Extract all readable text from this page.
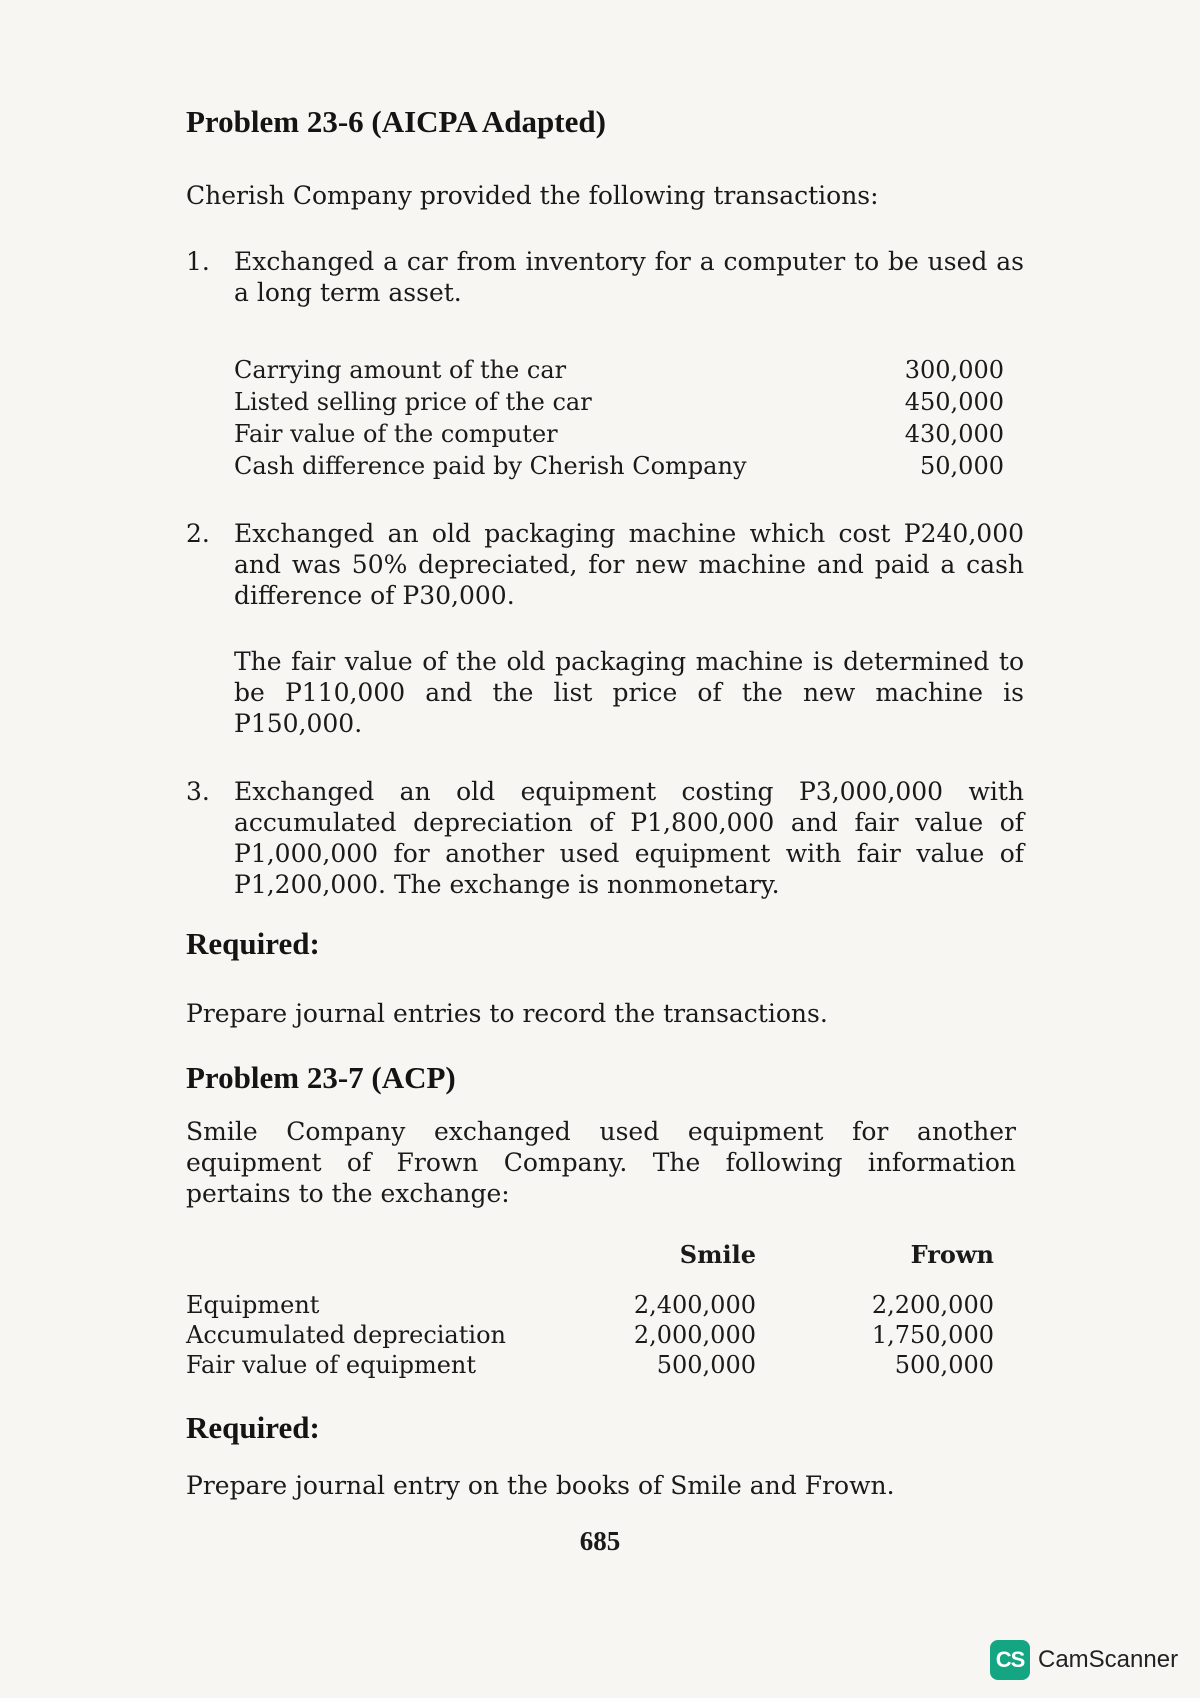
Problem 23-6 (AICPA Adapted)
Cherish Company provided the following transactions:
1. Exchanged a car from inventory for a computer to be used as a long term asset.
Carrying amount of the car	300,000
Listed selling price of the car	450,000
Fair value of the computer	430,000
Cash difference paid by Cherish Company	50,000
2. Exchanged an old packaging machine which cost P240,000 and was 50% depreciated, for new machine and paid a cash difference of P30,000.
The fair value of the old packaging machine is determined to be P110,000 and the list price of the new machine is P150,000.
3. Exchanged an old equipment costing P3,000,000 with accumulated depreciation of P1,800,000 and fair value of P1,000,000 for another used equipment with fair value of P1,200,000. The exchange is nonmonetary.
Required:
Prepare journal entries to record the transactions.
Problem 23-7 (ACP)
Smile Company exchanged used equipment for another equipment of Frown Company. The following information pertains to the exchange:
Smile	Frown
Equipment	2,400,000	2,200,000
Accumulated depreciation	2,000,000	1,750,000
Fair value of equipment	500,000	500,000
Required:
Prepare journal entry on the books of Smile and Frown.
685
CS CamScanner
